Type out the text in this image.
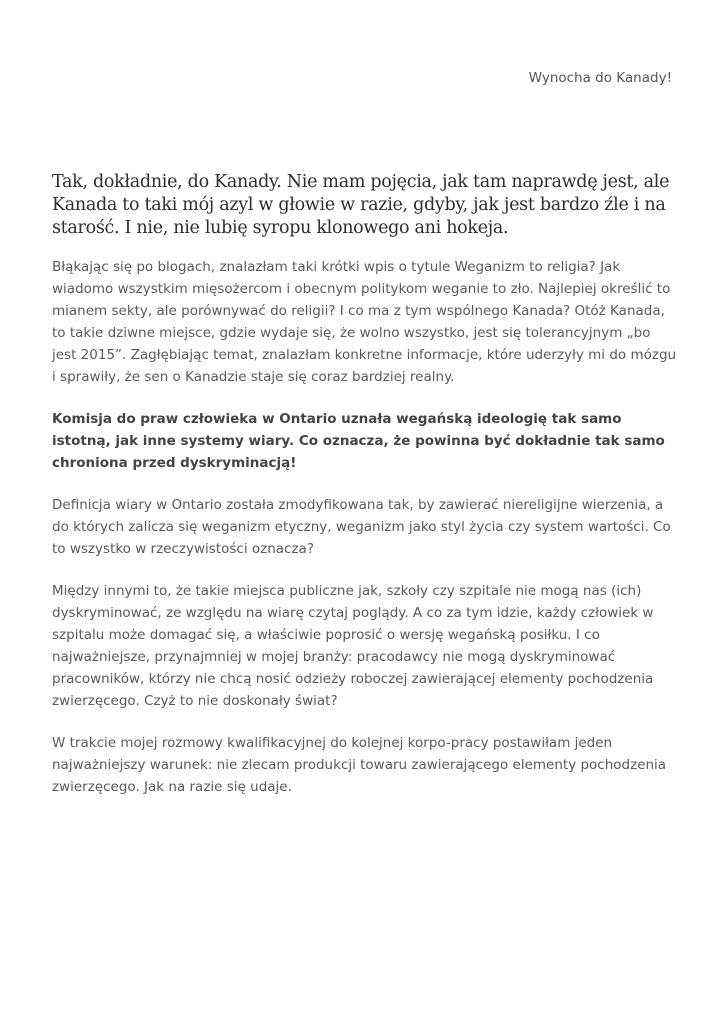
Wynocha do Kanady!

Tak, dokładnie, do Kanady. Nie mam pojęcia, jak tam naprawdę jest, ale Kanada to taki mój azyl w głowie w razie, gdyby, jak jest bardzo źle i na starość. I nie, nie lubię syropu klonowego ani hokeja.

Błąkając się po blogach, znalazłam taki krótki wpis o tytule Weganizm to religia? Jak wiadomo wszystkim mięsożercom i obecnym politykom weganie to zło. Najlepiej określić to mianem sekty, ale porównywać do religii? I co ma z tym wspólnego Kanada? Otóż Kanada, to takie dziwne miejsce, gdzie wydaje się, że wolno wszystko, jest się tolerancyjnym „bo jest 2015”. Zagłębiając temat, znalazłam konkretne informacje, które uderzyły mi do mózgu i sprawiły, że sen o Kanadzie staje się coraz bardziej realny.

Komisja do praw człowieka w Ontario uznała wegańską ideologię tak samo istotną, jak inne systemy wiary. Co oznacza, że powinna być dokładnie tak samo chroniona przed dyskryminacją!

Definicja wiary w Ontario została zmodyfikowana tak, by zawierać niereligijne wierzenia, a do których zalicza się weganizm etyczny, weganizm jako styl życia czy system wartości. Co to wszystko w rzeczywistości oznacza?

Między innymi to, że takie miejsca publiczne jak, szkoły czy szpitale nie mogą nas (ich) dyskryminować, ze względu na wiarę czytaj poglądy. A co za tym idzie, każdy człowiek w szpitalu może domagać się, a właściwie poprosić o wersję wegańską posiłku. I co najważniejsze, przynajmniej w mojej branży: pracodawcy nie mogą dyskryminować pracowników, którzy nie chcą nosić odzieży roboczej zawierającej elementy pochodzenia zwierzęcego. Czyż to nie doskonały świat?

W trakcie mojej rozmowy kwalifikacyjnej do kolejnej korpo-pracy postawiłam jeden najważniejszy warunek: nie zlecam produkcji towaru zawierającego elementy pochodzenia zwierzęcego. Jak na razie się udaje.
